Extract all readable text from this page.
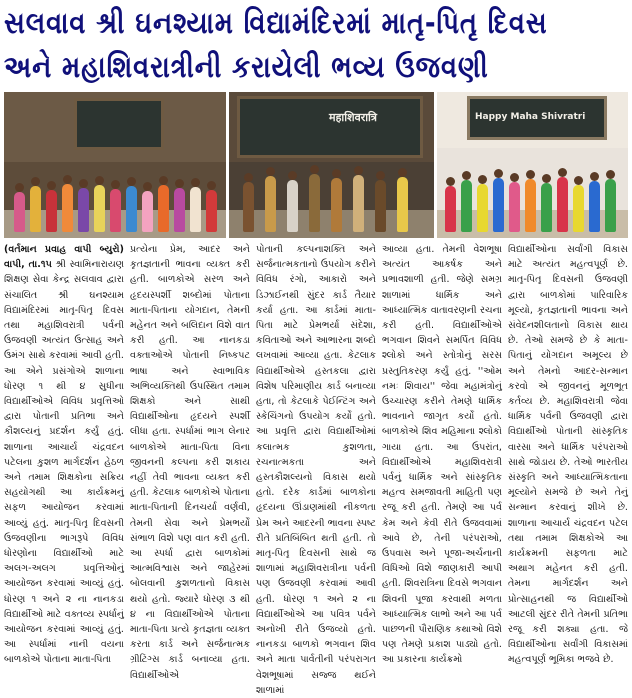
સલવાવ શ્રી ઘનશ્યામ વિદ્યામંદિરમાં માતૃ-પિતૃ દિવસ
અને મહાશિવરાત્રીની કરાયેલી ભવ્ય ઉજવણી
महाशिवरात्रि	Happy Maha Shivratri
(વર્તમાન પ્રવાહ વાપી બ્યુરો) વાપી, તા.૧૫ શ્રી સ્વામિનારાયણ શિક્ષણ સેવા કેન્દ્ર સલવાવ દ્વારા સંચાલિત શ્રી ઘનશ્યામ વિદ્યામંદિરમાં માતૃ-પિતૃ દિવસ તથા મહાશિવરાત્રી પર્વની ઉજવણી અત્યંત ઉત્સાહ અને ઉમંગ સાથે કરવામાં આવી હતી. આ એને પ્રસંગોએ શાળાના ધોરણ ૧ થી ૪ સુધીના વિદ્યાર્થીઓએ વિવિધ પ્રવૃત્તિઓ દ્વારા પોતાની પ્રતિભા અને કૌશલ્યનું પ્રદર્શન કર્યું હતું. શાળાના આચાર્ય ચંદ્રવદન પટેલના કુશળ માર્ગદર્શન હેઠળ અને તમામ શિક્ષકોના સક્રિય સહયોગથી આ કાર્યક્રમનું સફળ આયોજન કરવામાં આવ્યું હતું. માતૃ-પિતૃ દિવસની ઉજવણીના ભાગરૂપે વિવિધ ધોરણોના વિદ્યાર્થીઓ માટે અલગ-અલગ પ્રવૃત્તિઓનું આયોજન કરવામાં આવ્યું હતું. ધોરણ ૧ અને ૨ ના નાનકડા વિદ્યાર્થીઓ માટે વક્તવ્ય સ્પર્ધાનું આયોજન કરવામાં આવ્યું હતું. આ સ્પર્ધામાં નાની વયના બાળકોએ પોતાના માતા-પિતા
પ્રત્યેના પ્રેમ, આદર અને કૃતજ્ઞતાની ભાવના વ્યક્ત કરી હતી. બાળકોએ સરળ અને હૃદયસ્પર્શી શબ્દોમાં પોતાના માતા-પિતાના યોગદાન, તેમની મહેનત અને બલિદાન વિશે વાત કરી હતી. આ નાનકડા વક્તાઓએ પોતાની નિષ્કપટ ભાષા અને સ્વાભાવિક અભિવ્યક્તિથી ઉપસ્થિત તમામ શિક્ષકો અને સાથી વિદ્યાર્થીઓના હૃદયને સ્પર્શી લીધા હતા. સ્પર્ધામાં ભાગ લેનાર બાળકોએ માતા-પિતા વિના જીવનની કલ્પના કરી શકાય નહીં તેવી ભાવના વ્યક્ત કરી હતી. કેટલાક બાળકોએ પોતાના માતા-પિતાની દિનચર્યા વર્ણવી, તેમની સેવા અને પ્રેમભર્યો સંભાળ વિશે પણ વાત કરી હતી. આ સ્પર્ધા દ્વારા બાળકોમાં આત્મવિશ્વાસ અને જાહેરમાં બોલવાની કુશળતાનો વિકાસ થયો હતો. જ્યારે ધોરણ ૩ થી ૪ ના વિદ્યાર્થીઓએ પોતાના માતા-પિતા પ્રત્યે કૃતજ્ઞતા વ્યક્ત કરતા કાર્ડ અને સર્જનાત્મક ગ્રીટિંગ્સ કાર્ડ બનાવ્યા હતા. વિદ્યાર્થીઓએ
પોતાની કલ્પનાશક્તિ અને સર્જનાત્મકતાનો ઉપયોગ કરીને વિવિધ રંગો, આકારો અને ડિઝાઈનથી સુંદર કાર્ડ તૈયાર કર્યા હતા. આ કાર્ડમાં માતા-પિતા માટે પ્રેમભર્યા સંદેશા, કવિતાઓ અને આભારના શબ્દો લખવામાં આવ્યા હતા. કેટલાક વિદ્યાર્થીઓએ હસ્તકલા દ્વારા વિશેષ પરિમાણીય કાર્ડ બનાવ્યા હતા, તો કેટલાકે પેઈન્ટિંગ અને સ્કેચિંગનો ઉપયોગ કર્યો હતો. આ પ્રવૃત્તિ દ્વારા વિદ્યાર્થીઓમાં કલાત્મક કુશળતા, રચનાત્મકતા અને હસ્તકૌશલ્યનો વિકાસ થયો હતો. દરેક કાર્ડમાં બાળકોના હૃદયના ઊંડાણમાંથી નીકળતા પ્રેમ અને આદરની ભાવના સ્પષ્ટ રીતે પ્રતિબિંબિત થતી હતી. તો માતૃ-પિતૃ દિવસની સાથે જ શાળામાં મહાશિવરાત્રીના પર્વની પણ ઉજવણી કરવામાં આવી હતી. ધોરણ ૧ અને ૨ ના વિદ્યાર્થીઓએ આ પવિત્ર પર્વને અનોખી રીતે ઉજવ્યો હતો. નાનકડા બાળકો ભગવાન શિવ અને માતા પાર્વતીની પરંપરાગત વેશભૂષામાં સજ્જ થઈને શાળામાં
આવ્યા હતા. તેમની વેશભૂષા અત્યંત આકર્ષક અને પ્રભાવશાળી હતી. જેણે સમગ્ર શાળામાં ધાર્મિક અને આધ્યાત્મિક વાતાવરણની રચના કરી હતી. વિદ્યાર્થીઓએ ભગવાન શિવને સમર્પિત વિવિધ શ્લોકો અને સ્તોત્રોનું સરસ પ્રસ્તુતિકરણ કર્યું હતું. ''ઓમ નમઃ શિવાય'' જેવા મહામંત્રોનું ઉચ્ચારણ કરીને તેમણે ધાર્મિક ભાવનાને જાગૃત કર્યો હતો. બાળકોએ શિવ મહિમાના શ્લોકો ગાયા હતા. આ ઉપરાંત, વિદ્યાર્થીઓએ મહાશિવરાત્રી પર્વનું ધાર્મિક અને સાંસ્કૃતિક મહત્વ સમજાવતી માહિતી પણ રજૂ કરી હતી. તેમણે આ પર્વ કેમ અને કેવી રીતે ઉજવવામાં આવે છે, તેની પરંપરાઓ, ઉપવાસ અને પૂજા-અર્ચનાની વિધિઓ વિશે જાણકારી આપી હતી. શિવરાત્રિના દિવસે ભગવાન શિવની પૂજા કરવાથી મળતા આધ્યાત્મિક લાભો અને આ પર્વ પાછળની પૌરાણિક કથાઓ વિશે પણ તેમણે પ્રકાશ પાડ્યો હતો. આ પ્રકારના કાર્યક્રમો
વિદ્યાર્થીઓના સર્વાંગી વિકાસ માટે અત્યંત મહત્વપૂર્ણ છે. માતૃ-પિતૃ દિવસની ઉજવણી દ્વારા બાળકોમાં પારિવારિક મૂલ્યો, કૃતજ્ઞતાની ભાવના અને સંવેદનશીલતાનો વિકાસ થાય છે. તેઓ સમજે છે કે માતા-પિતાનું યોગદાન અમૂલ્ય છે અને તેમનો આદર-સન્માન કરવો એ જીવનનું મૂળભૂત કર્તવ્ય છે. મહાશિવરાત્રી જેવા ધાર્મિક પર્વની ઉજવણી દ્વારા વિદ્યાર્થીઓ પોતાની સાંસ્કૃતિક વારસા અને ધાર્મિક પરંપરાઓ સાથે જોડાય છે. તેઓ ભારતીય સંસ્કૃતિ અને આધ્યાત્મિકતાના મૂલ્યોને સમજે છે અને તેનું સન્માન કરવાનું શીખે છે. શાળાના આચાર્ય ચંદ્રવદન પટેલ તથા તમામ શિક્ષકોએ આ કાર્યક્રમની સફળતા માટે અથાગ મહેનત કરી હતી. તેમના માર્ગદર્શન અને પ્રોત્સાહનથી જ વિદ્યાર્થીઓ આટલી સુંદર રીતે તેમની પ્રતિભા રજૂ કરી શક્યા હતા. જે વિદ્યાર્થીઓના સર્વાંગી વિકાસમાં મહત્વપૂર્ણ ભૂમિકા ભજવે છે.
